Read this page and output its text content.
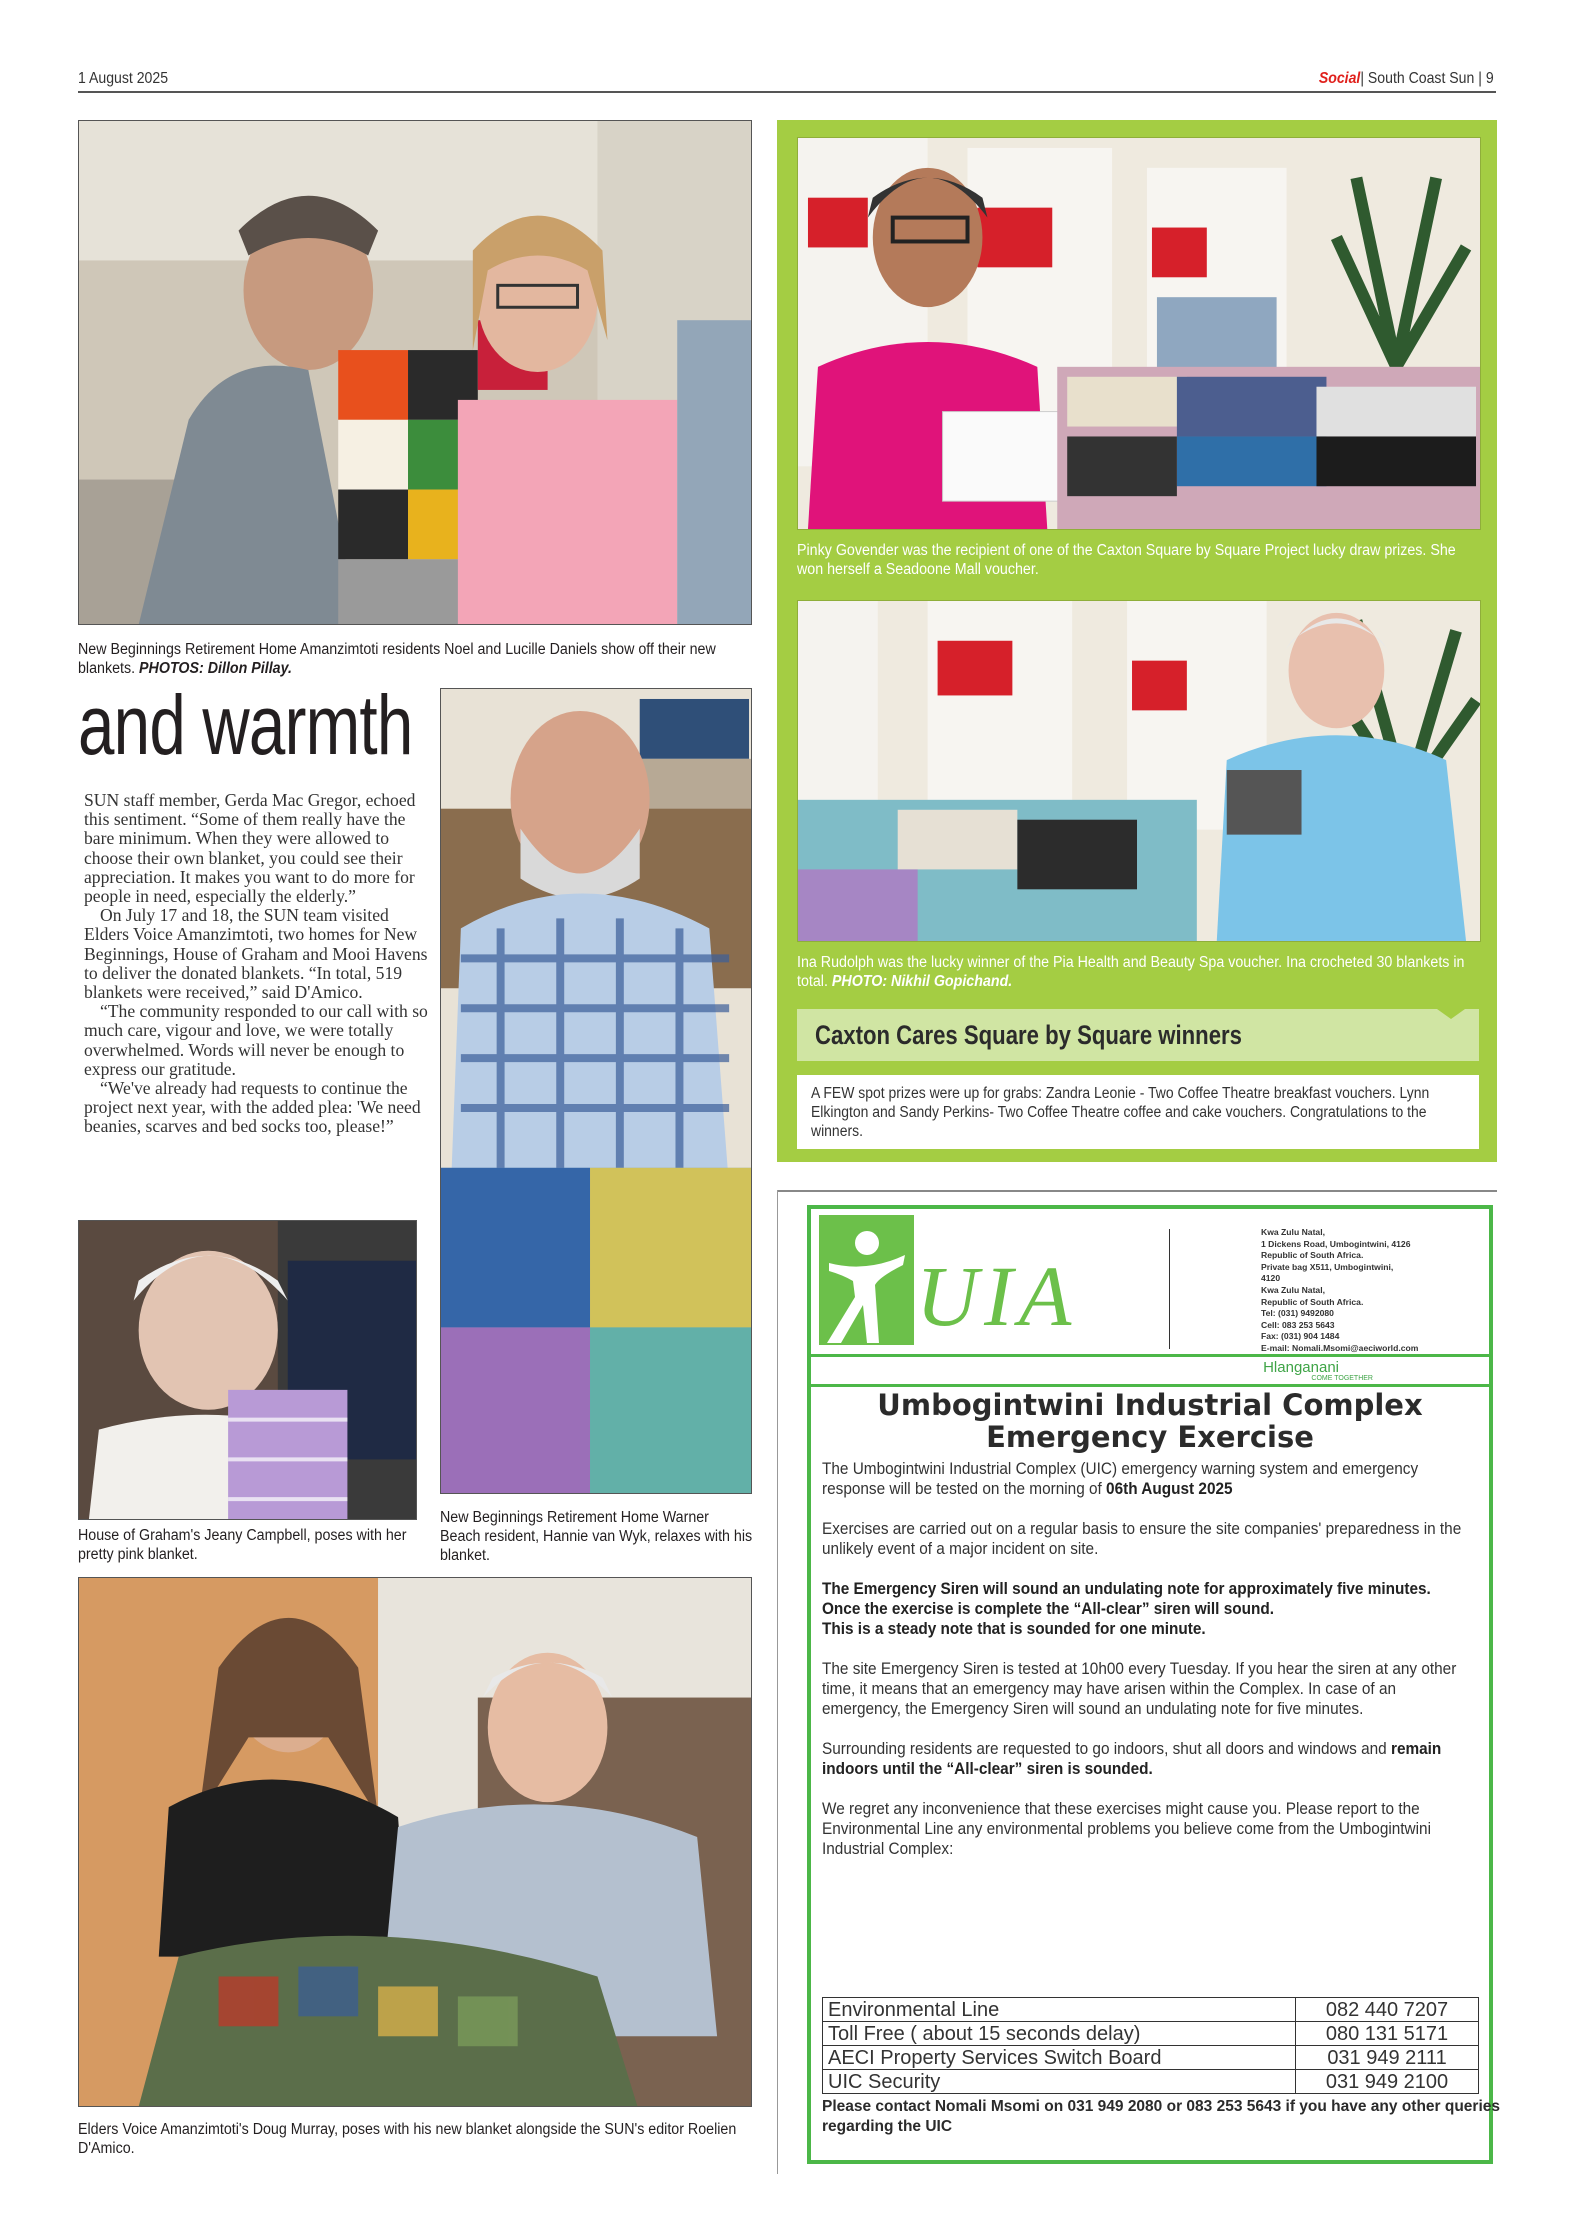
1 August 2025	Social| South Coast Sun | 9
New Beginnings Retirement Home Amanzimtoti residents Noel and Lucille Daniels show off their new blankets. PHOTOS: Dillon Pillay.
and warmth

SUN staff member, Gerda Mac Gregor, echoed this sentiment. “Some of them really have the bare minimum. When they were allowed to choose their own blanket, you could see their appreciation. It makes you want to do more for people in need, especially the elderly.”

On July 17 and 18, the SUN team visited Elders Voice Amanzimtoti, two homes for New Beginnings, House of Graham and Mooi Havens to deliver the donated blankets. “In total, 519 blankets were received,” said D'Amico.

“The community responded to our call with so much care, vigour and love, we were totally overwhelmed. Words will never be enough to express our gratitude.

“We've already had requests to continue the project next year, with the added plea: 'We need beanies, scarves and bed socks too, please!”

New Beginnings Retirement Home Warner Beach resident, Hannie van Wyk, relaxes with his blanket.
House of Graham's Jeany Campbell, poses with her pretty pink blanket.
Elders Voice Amanzimtoti's Doug Murray, poses with his new blanket alongside the SUN's editor Roelien D'Amico.
Pinky Govender was the recipient of one of the Caxton Square by Square Project lucky draw prizes. She won herself a Seadoone Mall voucher.
Ina Rudolph was the lucky winner of the Pia Health and Beauty Spa voucher. Ina crocheted 30 blankets in total. PHOTO: Nikhil Gopichand.
Caxton Cares Square by Square winners
A FEW spot prizes were up for grabs: Zandra Leonie - Two Coffee Theatre breakfast vouchers. Lynn Elkington and Sandy Perkins- Two Coffee Theatre coffee and cake vouchers. Congratulations to the winners.
UIA
Kwa Zulu Natal,
1 Dickens Road, Umbogintwini, 4126
Republic of South Africa.
Private bag X511, Umbogintwini,
4120
Kwa Zulu Natal,
Republic of South Africa.
Tel: (031) 9492080
Cell: 083 253 5643
Fax: (031) 904 1484
E-mail: Nomali.Msomi@aeciworld.com
Hlanganani
COME TOGETHER
Umbogintwini Industrial Complex
Emergency Exercise

The Umbogintwini Industrial Complex (UIC) emergency warning system and emergency response will be tested on the morning of 06th August 2025

Exercises are carried out on a regular basis to ensure the site companies' preparedness in the unlikely event of a major incident on site.

The Emergency Siren will sound an undulating note for approximately five minutes.
Once the exercise is complete the “All-clear” siren will sound.
This is a steady note that is sounded for one minute.

The site Emergency Siren is tested at 10h00 every Tuesday. If you hear the siren at any other time, it means that an emergency may have arisen within the Complex. In case of an emergency, the Emergency Siren will sound an undulating note for five minutes.

Surrounding residents are requested to go indoors, shut all doors and windows and remain indoors until the “All-clear” siren is sounded.

We regret any inconvenience that these exercises might cause you. Please report to the Environmental Line any environmental problems you believe come from the Umbogintwini Industrial Complex:

Environmental Line	082 440 7207
Toll Free ( about 15 seconds delay)	080 131 5171
AECI Property Services Switch Board	031 949 2111
UIC Security	031 949 2100
Please contact Nomali Msomi on 031 949 2080 or 083 253 5643 if you have any other queries regarding the UIC
